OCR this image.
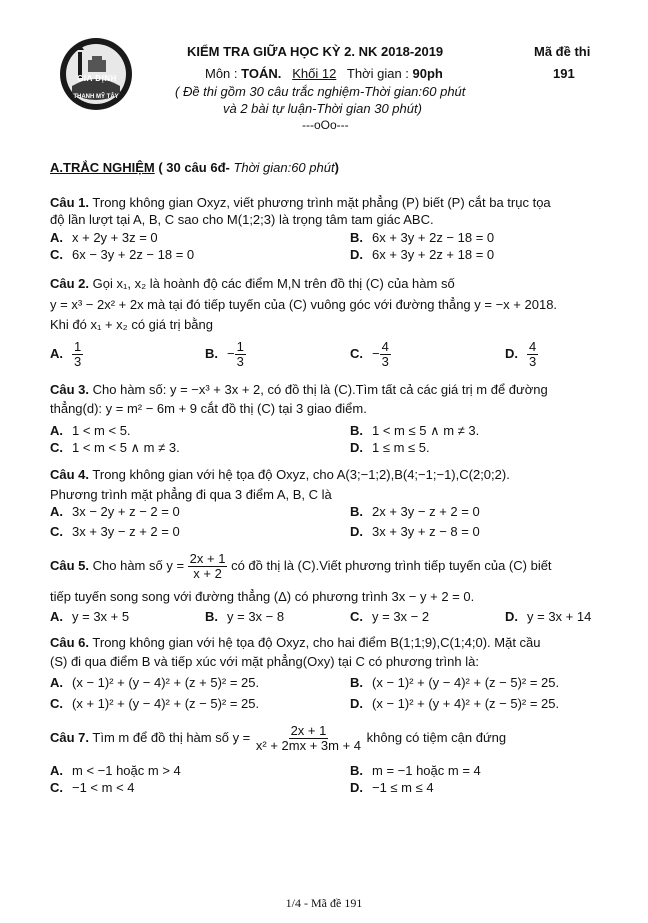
GIA ĐỊNH
THẠNH MỸ TÂY
KIỂM TRA GIỮA HỌC KỲ 2. NK 2018-2019
Môn : TOÁN. Khối 12 Thời gian : 90ph
( Đề thi gồm 30 câu trắc nghiệm-Thời gian:60 phút
và 2 bài tự luận-Thời gian 30 phút)
---oOo---
Mã đề thi
191
A.TRẮC NGHIỆM ( 30 câu 6đ- Thời gian:60 phút)
Câu 1. Trong không gian Oxyz, viết phương trình mặt phẳng (P) biết (P) cắt ba trục tọa
độ lần lượt tại A, B, C sao cho M(1;2;3) là trọng tâm tam giác ABC.
A. x + 2y + 3z = 0	B. 6x + 3y + 2z − 18 = 0
C. 6x − 3y + 2z − 18 = 0	D. 6x + 3y + 2z + 18 = 0
Câu 2. Gọi x₁, x₂ là hoành độ các điểm M,N trên đồ thị (C) của hàm số
y = x³ − 2x² + 2x mà tại đó tiếp tuyến của (C) vuông góc với đường thẳng y = −x + 2018.
Khi đó x₁ + x₂ có giá trị bằng
A. $\frac{1}{3}$	B. − $\frac{1}{3}$	C. − $\frac{4}{3}$	D. $\frac{4}{3}$
Câu 3. Cho hàm số: y = −x³ + 3x + 2, có đồ thị là (C).Tìm tất cả các giá trị m để đường
thẳng(d): y = m² − 6m + 9 cắt đồ thị (C) tại 3 giao điểm.
A. 1 < m < 5.	B. 1 < m ≤ 5 ∧ m ≠ 3.
C. 1 < m < 5 ∧ m ≠ 3.	D. 1 ≤ m ≤ 5.
Câu 4. Trong không gian với hệ tọa độ Oxyz, cho A(3;−1;2),B(4;−1;−1),C(2;0;2).
Phương trình mặt phẳng đi qua 3 điểm A, B, C là
A. 3x − 2y + z − 2 = 0	B. 2x + 3y − z + 2 = 0
C. 3x + 3y − z + 2 = 0	D. 3x + 3y + z − 8 = 0
Câu 5. Cho hàm số $y = \frac{2x + 1}{x + 2}$ có đồ thị là (C).Viết phương trình tiếp tuyến của (C) biết
tiếp tuyến song song với đường thẳng (Δ) có phương trình 3x − y + 2 = 0.
A. y = 3x + 5	B. y = 3x − 8	C. y = 3x − 2	D. y = 3x + 14
Câu 6. Trong không gian với hệ tọa độ Oxyz, cho hai điểm B(1;1;9),C(1;4;0). Mặt cầu
(S) đi qua điểm B và tiếp xúc với mặt phẳng(Oxy) tại C có phương trình là:
A. (x − 1)² + (y − 4)² + (z + 5)² = 25.	B. (x − 1)² + (y − 4)² + (z − 5)² = 25.
C. (x + 1)² + (y − 4)² + (z − 5)² = 25.	D. (x − 1)² + (y + 4)² + (z − 5)² = 25.
Câu 7. Tìm m để đồ thị hàm số $y = \frac{2x + 1}{\text{x² + 2mx + 3m + 4}}$ không có tiệm cận đứng
A. m < −1 hoặc m > 4	B. m = −1 hoặc m = 4
C. −1 < m < 4	D. −1 ≤ m ≤ 4
1/4 - Mã đề 191
